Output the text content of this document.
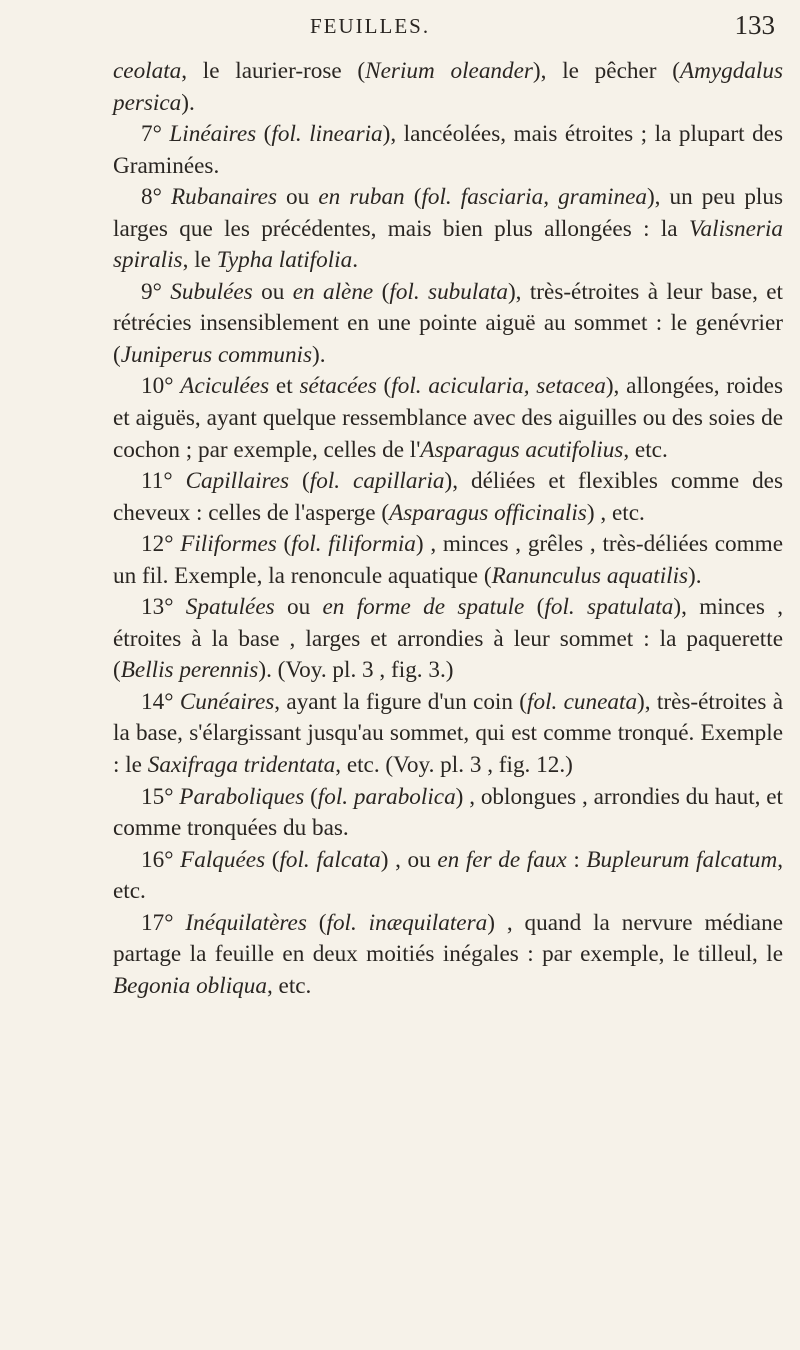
FEUILLES.	133

ceolata, le laurier-rose (Nerium oleander), le pêcher (Amygdalus persica).

7° Linéaires (fol. linearia), lancéolées, mais étroites ; la plupart des Graminées.

8° Rubanaires ou en ruban (fol. fasciaria, graminea), un peu plus larges que les précédentes, mais bien plus allongées : la Valisneria spiralis, le Typha latifolia.

9° Subulées ou en alène (fol. subulata), très-étroites à leur base, et rétrécies insensiblement en une pointe aiguë au sommet : le genévrier (Juniperus communis).

10° Aciculées et sétacées (fol. acicularia, setacea), allongées, roides et aiguës, ayant quelque ressemblance avec des aiguilles ou des soies de cochon ; par exemple, celles de l'Asparagus acutifolius, etc.

11° Capillaires (fol. capillaria), déliées et flexibles comme des cheveux : celles de l'asperge (Asparagus officinalis) , etc.

12° Filiformes (fol. filiformia) , minces , grêles , très-déliées comme un fil. Exemple, la renoncule aquatique (Ranunculus aquatilis).

13° Spatulées ou en forme de spatule (fol. spatulata), minces , étroites à la base , larges et arrondies à leur sommet : la paquerette (Bellis perennis). (Voy. pl. 3 , fig. 3.)

14° Cunéaires, ayant la figure d'un coin (fol. cuneata), très-étroites à la base, s'élargissant jusqu'au sommet, qui est comme tronqué. Exemple : le Saxifraga tridentata, etc. (Voy. pl. 3 , fig. 12.)

15° Paraboliques (fol. parabolica) , oblongues , arrondies du haut, et comme tronquées du bas.

16° Falquées (fol. falcata) , ou en fer de faux : Bupleurum falcatum, etc.

17° Inéquilatères (fol. inæquilatera) , quand la nervure médiane partage la feuille en deux moitiés inégales : par exemple, le tilleul, le Begonia obliqua, etc.
